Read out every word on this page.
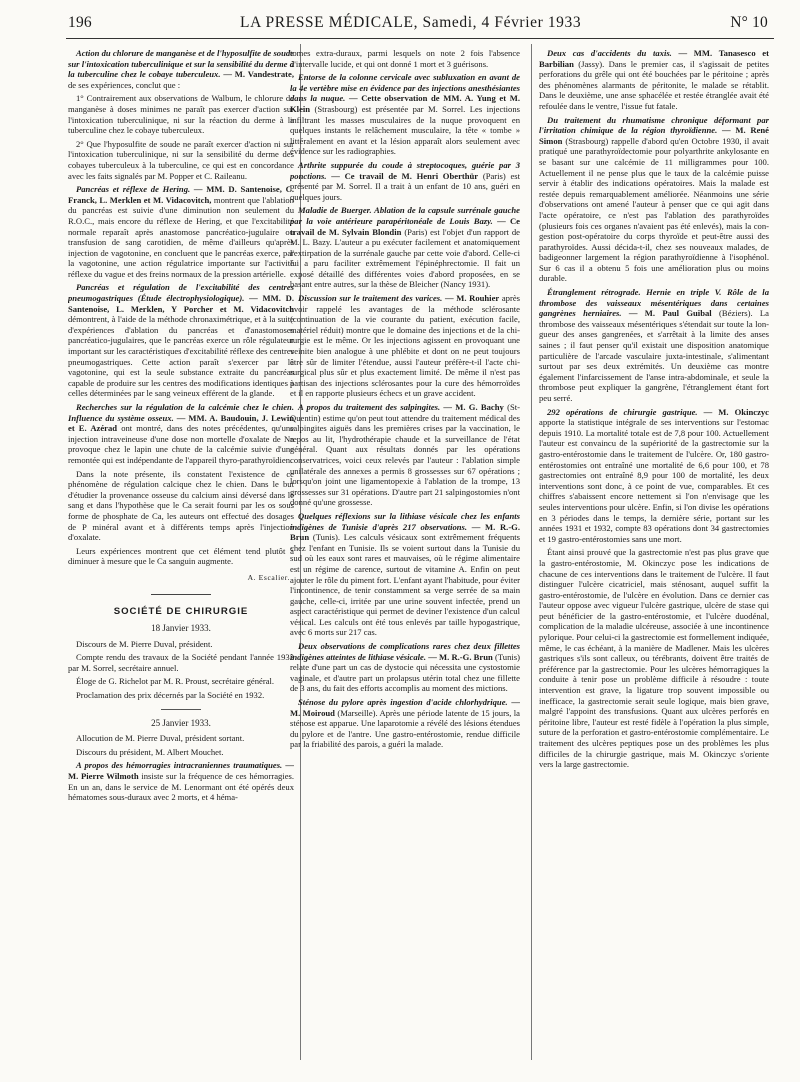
196	LA PRESSE MÉDICALE, Samedi, 4 Février 1933	N° 10
Action du chlorure de manganèse et de l'hyposulfite de soude sur l'intoxication tuberculinique et sur la sensibilité du derme à la tuberculine chez le cobaye tuberculeux. — M. Vandestrate, de ses expériences, conclut que :

1° Contrairement aux observations de Walbum, le chlorure de manganèse à doses minimes ne paraît pas exercer d'action sur l'intoxication tuberculinique, ni sur la réaction du derme à la tuberculine chez le cobaye tuberculeux.

2° Que l'hyposulfite de soude ne paraît exercer d'action ni sur l'intoxication tuberculinique, ni sur la sensibilité du derme des cobayes tuberculeux à la tuberculine, ce qui est en concordance avec les faits signalés par M. Popper et C. Raileanu.

Pancréas et réflexe de Hering. — MM. D. Santenoise, C. Franck, L. Merklen et M. Vidacovitch, montrent que l'ablation du pancréas est suivie d'une diminution non seulement du R.O.C., mais encore du réflexe de Hering, et que l'excitabilité normale reparaît après anastomose pancréatico-jugulaire ou transfusion de sang carotidien, de même d'ailleurs qu'après injection de vagotonine, en concluent que le pancréas exerce, par la vagotonine, une action régulatrice importante sur l'activité réflexe du vague et des freins normaux de la pression artérielle.
Pancréas et régulation de l'excitabilité des centres pneumogastriques (Étude électrophysiologique). — MM. D. Santenoise, L. Merklen, Y Porcher et M. Vidacovitch démontrent, à l'aide de la méthode chronaximétrique, et à la suite d'expériences d'ablation du pancréas et d'anastomoses pancréatico-jugulaires, que le pancréas exerce un rôle régulateur important sur les caractéristiques d'excitabilité réflexe des centres pneumogastriques. Cette action paraît s'exercer par la vagotonine, qui est la seule substance extraite du pancréas capable de produire sur les centres des modifications identiques à celles déterminées par le sang veineux efférent de la glande.
Recherches sur la régulation de la calcémie chez le chien. Influence du système osseux. — MM. A. Baudouin, J. Lewin et E. Azérad ont montré, dans des notes précédentes, qu'une injection intraveineuse d'une dose non mortelle d'oxalate de Na provoque chez le lapin une chute de la calcémie suivie d'une remontée qui est indépendante de l'appareil thyro-parathyroïdien.

Dans la note présente, ils constatent l'existence de ce phénomène de régulation calcique chez le chien. Dans le but d'étudier la provenance osseuse du calcium ainsi déversé dans le sang et dans l'hypothèse que le Ca serait fourni par les os sous forme de phosphate de Ca, les auteurs ont effectué des dosages de P minéral avant et à différents temps après l'injection d'oxalate.

Leurs expériences montrent que cet élément tend plutôt à diminuer à mesure que le Ca sanguin augmente.

A. Escalier.
SOCIÉTÉ DE CHIRURGIE
18 Janvier 1933.

Discours de M. Pierre Duval, président.

Compte rendu des travaux de la Société pendant l'année 1932 par M. Sorrel, secrétaire annuel.

Éloge de G. Richelot par M. R. Proust, secrétaire général.

Proclamation des prix décernés par la Société en 1932.

25 Janvier 1933.

Allocution de M. Pierre Duval, président sortant.

Discours du président, M. Albert Mouchet.

A propos des hémorragies intracraniennes traumatiques. — M. Pierre Wilmoth insiste sur la fréquence de ces hémorragies. En un an, dans le service de M. Lenormant ont été opérés deux hématomes sous-duraux avec 2 morts, et 4 héma-

tomes extra-duraux, parmi lesquels on note 2 fois l'absence d'intervalle lucide, et qui ont donné 1 mort et 3 guérisons.

Entorse de la colonne cervicale avec subluxation en avant de la 4e vertèbre mise en évidence par des injections anesthésiantes dans la nuque. — Cette observation de MM. A. Yung et M. Klein (Strasbourg) est présentée par M. Sorrel. Les injections infiltrant les masses musculaires de la nuque provoquent en quelques instants le relâchement musculaire, la tête « tombe » littéralement en avant et la lésion apparaît alors seulement avec évidence sur les radiographies.
Arthrite suppurée du coude à streptocoques, guérie par 3 ponctions. — Ce travail de M. Henri Oberthür (Paris) est présenté par M. Sorrel. Il a trait à un enfant de 10 ans, guéri en quelques jours.
Maladie de Buerger. Ablation de la capsule surrénale gauche par la voie antérieure parapéritonéale de Louis Bazy. — Ce travail de M. Sylvain Blondin (Paris) est l'objet d'un rapport de M. L. Bazy. L'auteur a pu exécuter facilement et anatomiquement l'extirpation de la surrénale gauche par cette voie d'abord. Celle-ci lui a paru faciliter extrêmement l'épinéphrectomie. Il fait un exposé détaillé des différentes voies d'abord proposées, en se basant entre autres, sur la thèse de Bleicher (Nancy 1931).
Discussion sur le traitement des varices. — M. Rouhier après avoir rappelé les avantages de la méthode sclérosante (continuation de la vie courante du patient, exécution facile, matériel réduit) montre que le domaine des injections et de la chirurgie est le même. Or les injections agissent en provoquant une veinite bien analogue à une phlébite et dont on ne peut toujours être sûr de limiter l'étendue, aussi l'auteur préfère-t-il l'acte chirurgical plus sûr et plus exactement limité. De même il n'est pas partisan des injections sclérosantes pour la cure des hémorroïdes et il en rapporte plusieurs échecs et un grave accident.
A propos du traitement des salpingites. — M. G. Bachy (St-Quentin) estime qu'on peut tout attendre du traitement médical des salpingites aiguës dans les premières crises par la vaccination, le repos au lit, l'hydrothérapie chaude et la surveillance de l'état général. Quant aux résultats donnés par les opérations conservatrices, voici ceux relevés par l'auteur : l'ablation simple unilatérale des annexes a permis 8 grossesses sur 67 opérations ; lorsqu'on joint une ligamentopexie à l'ablation de la trompe, 13 grossesses sur 31 opérations. D'autre part 21 salpingostomies n'ont donné qu'une grossesse.
Quelques réflexions sur la lithiase vésicale chez les enfants indigènes de Tunisie d'après 217 observations. — M. R.-G. Brun (Tunis). Les calculs vésicaux sont extrêmement fréquents chez l'enfant en Tunisie. Ils se voient surtout dans la Tunisie du sud où les eaux sont rares et mauvaises, où le régime alimentaire est un régime de carence, surtout de vitamine A. Enfin on peut ajouter le rôle du piment fort. L'enfant ayant l'habitude, pour éviter l'incontinence, de tenir constamment sa verge serrée de sa main gauche, celle-ci, irritée par une urine souvent infectée, prend un aspect caractéristique qui permet de deviner l'existence d'un calcul vésical. Les calculs ont été tous enlevés par taille hypogastrique, avec 6 morts sur 217 cas.
Deux observations de complications rares chez deux fillettes indigènes atteintes de lithiase vésicale. — M. R.-G. Brun (Tunis) relate d'une part un cas de dystocie qui nécessita une cystostomie vaginale, et d'autre part un prolapsus utérin total chez une fillette de 3 ans, du fait des efforts accomplis au moment des mictions.
Sténose du pylore après ingestion d'acide chlorhydrique. — M. Moiroud (Marseille). Après une période latente de 15 jours, la sténose est apparue. Une laparotomie a révélé des lésions étendues du pylore et de l'antre. Une gastro-entérostomie, rendue difficile par la friabilité des parois, a guéri la malade.
Deux cas d'accidents du taxis. — MM. Tanasesco et Barbilian (Jassy). Dans le premier cas, il s'agissait de petites perforations du grêle qui ont été bouchées par le péritoine ; après des phénomènes alarmants de péritonite, le malade se rétablit. Dans le deuxième, une anse sphacélée et restée étranglée avait été refoulée dans le ventre, l'issue fut fatale.
Du traitement du rhumatisme chronique déformant par l'irritation chimique de la région thyroïdienne. — M. René Simon (Strasbourg) rappelle d'abord qu'en Octobre 1930, il avait pratiqué une parathyroïdectomie pour polyarthrite ankylosante en se basant sur une calcémie de 11 milligrammes pour 100. Actuellement il ne pense plus que le taux de la calcémie puisse servir à établir des indications opératoires. Mais la malade est restée depuis remarquablement améliorée. Néanmoins une série d'observations ont amené l'auteur à penser que ce qui agit dans l'acte opératoire, ce n'est pas l'ablation des parathyroïdes (plusieurs fois ces organes n'avaient pas été enlevés), mais la congestion post-opératoire du corps thyroïde et peut-être aussi des parathyroïdes. Aussi décida-t-il, chez ses nouveaux malades, de badigeonner largement la région parathyroïdienne à l'isophénol. Sur 6 cas il a obtenu 5 fois une amélioration plus ou moins durable.
Étranglement rétrograde. Hernie en triple V. Rôle de la thrombose des vaisseaux mésentériques dans certaines gangrènes herniaires. — M. Paul Guibal (Béziers). La thrombose des vaisseaux mésentériques s'étendait sur toute la longueur des anses gangrenées, et s'arrêtait à la limite des anses saines ; il faut penser qu'il existait une disposition anatomique particulière de l'arcade vasculaire juxta-intestinale, s'alimentant surtout par ses deux extrémités. Un deuxième cas montre également l'infarcissement de l'anse intra-abdominale, et seule la thrombose peut expliquer la gangrène, l'étranglement étant fort peu serré.
292 opérations de chirurgie gastrique. — M. Okinczyc apporte la statistique intégrale de ses interventions sur l'estomac depuis 1910. La mortalité totale est de 7,8 pour 100. Actuellement l'auteur est convaincu de la supériorité de la gastrectomie sur la gastro-entérostomie dans le traitement de l'ulcère. Or, 180 gastro-entérostomies ont entraîné une mortalité de 6,6 pour 100, et 78 gastrectomies ont entraîné 8,9 pour 100 de mortalité, les deux interventions sont donc, à ce point de vue, comparables. Et ces chiffres s'abaissent encore nettement si l'on n'envisage que les seules interventions pour ulcère. Enfin, si l'on divise les opérations en 3 périodes dans le temps, la dernière série, portant sur les années 1931 et 1932, compte 83 opérations dont 34 gastrectomies et 19 gastro-entérostomies sans une mort.

Étant ainsi prouvé que la gastrectomie n'est pas plus grave que la gastro-entérostomie, M. Okinczyc pose les indications de chacune de ces interventions dans le traitement de l'ulcère. Il faut distinguer l'ulcère cicatriciel, mais sténosant, auquel suffit la gastro-entérostomie, de l'ulcère en évolution. Dans ce dernier cas l'auteur oppose avec vigueur l'ulcère gastrique, ulcère de stase qui peut bénéficier de la gastro-entérostomie, et l'ulcère duodénal, complication de la maladie ulcéreuse, associée à une incontinence pylorique. Pour celui-ci la gastrectomie est formellement indiquée, même, le cas échéant, à la manière de Madlener. Mais les ulcères gastriques s'ils sont calleux, ou térébrants, doivent être traités de préférence par la gastrectomie. Pour les ulcères hémorragiques la conduite à tenir pose un problème difficile à résoudre : toute intervention est grave, la ligature trop souvent impossible ou inefficace, la gastrectomie serait seule logique, mais bien grave, malgré l'appoint des transfusions. Quant aux ulcères perforés en péritoine libre, l'auteur est resté fidèle à l'opération la plus simple, suture de la perforation et gastro-entérostomie complémentaire. Le traitement des ulcères peptiques pose un des problèmes les plus difficiles de la chirurgie gastrique, mais M. Okinczyc s'oriente vers la large gastrectomie.
